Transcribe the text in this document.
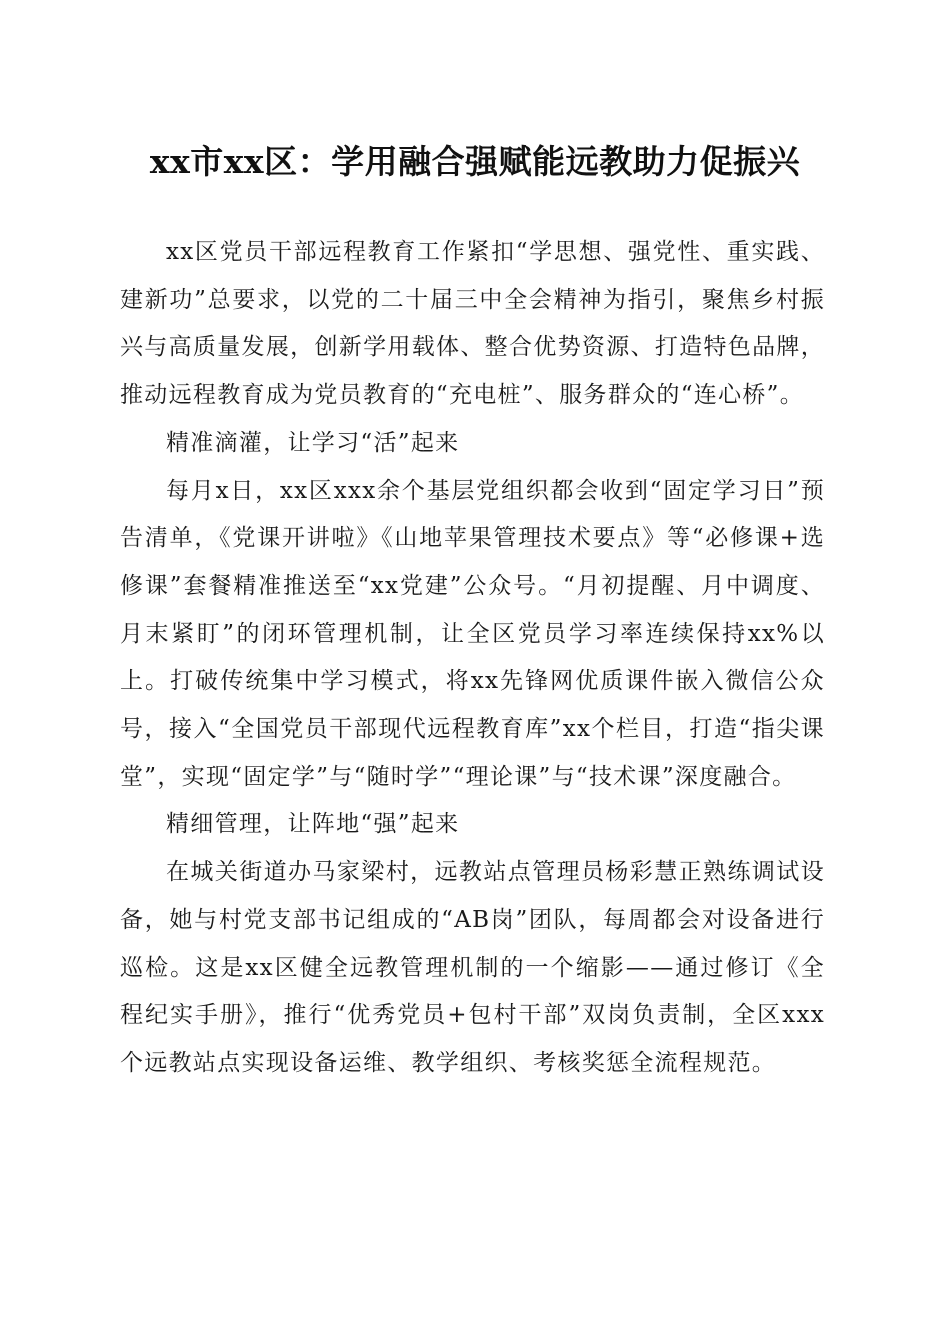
xx市xx区：学用融合强赋能远教助力促振兴

xx区党员干部远程教育工作紧扣“学思想、强党性、重实践、建新功”总要求，以党的二十届三中全会精神为指引，聚焦乡村振兴与高质量发展，创新学用载体、整合优势资源、打造特色品牌，推动远程教育成为党员教育的“充电桩”、服务群众的“连心桥”。

精准滴灌，让学习“活”起来

每月x日，xx区xxx余个基层党组织都会收到“固定学习日”预告清单，《党课开讲啦》《山地苹果管理技术要点》等“必修课+选修课”套餐精准推送至“xx党建”公众号。“月初提醒、月中调度、月末紧盯”的闭环管理机制，让全区党员学习率连续保持xx%以上。打破传统集中学习模式，将xx先锋网优质课件嵌入微信公众号，接入“全国党员干部现代远程教育库”xx个栏目，打造“指尖课堂”，实现“固定学”与“随时学”“理论课”与“技术课”深度融合。

精细管理，让阵地“强”起来

在城关街道办马家梁村，远教站点管理员杨彩慧正熟练调试设备，她与村党支部书记组成的“AB岗”团队，每周都会对设备进行巡检。这是xx区健全远教管理机制的一个缩影——通过修订《全程纪实手册》，推行“优秀党员+包村干部”双岗负责制，全区xxx个远教站点实现设备运维、教学组织、考核奖惩全流程规范。
